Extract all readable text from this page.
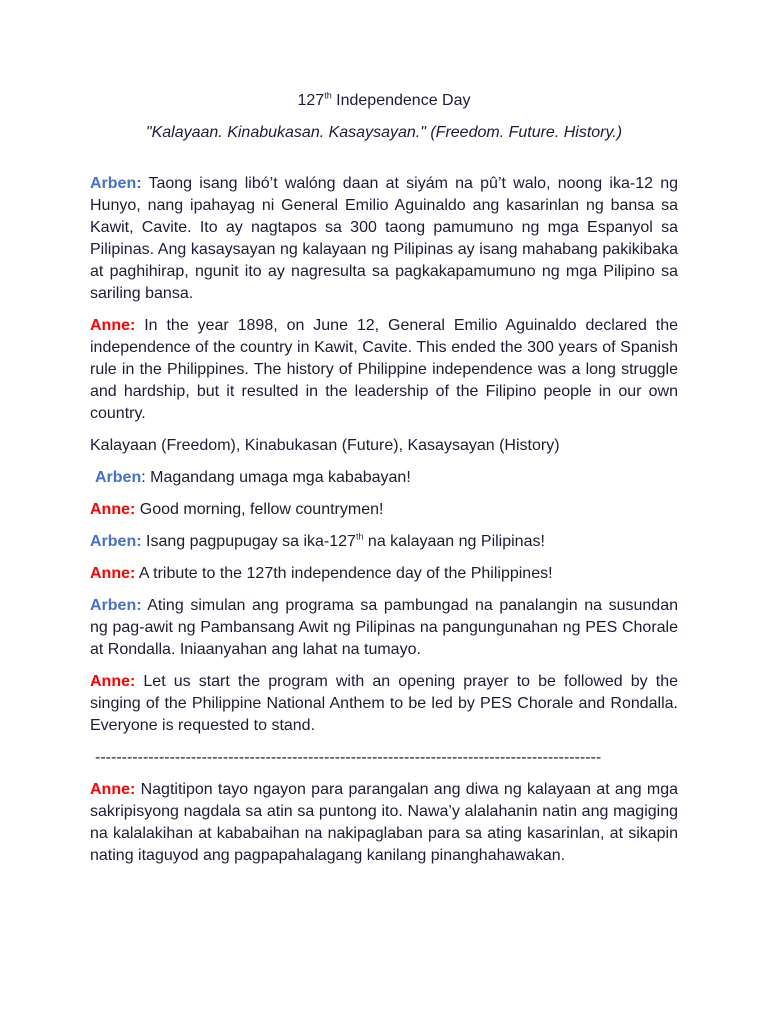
127th Independence Day

"Kalayaan. Kinabukasan. Kasaysayan." (Freedom. Future. History.)

Arben: Taong isang libó’t walóng daan at siyám na pû’t walo, noong ika-12 ng Hunyo, nang ipahayag ni General Emilio Aguinaldo ang kasarinlan ng bansa sa Kawit, Cavite. Ito ay nagtapos sa 300 taong pamumuno ng mga Espanyol sa Pilipinas. Ang kasaysayan ng kalayaan ng Pilipinas ay isang mahabang pakikibaka at paghihirap, ngunit ito ay nagresulta sa pagkakapamumuno ng mga Pilipino sa sariling bansa.

Anne: In the year 1898, on June 12, General Emilio Aguinaldo declared the independence of the country in Kawit, Cavite. This ended the 300 years of Spanish rule in the Philippines. The history of Philippine independence was a long struggle and hardship, but it resulted in the leadership of the Filipino people in our own country.

Kalayaan (Freedom), Kinabukasan (Future), Kasaysayan (History)

Arben: Magandang umaga mga kababayan!

Anne: Good morning, fellow countrymen!

Arben: Isang pagpupugay sa ika-127th na kalayaan ng Pilipinas!

Anne: A tribute to the 127th independence day of the Philippines!

Arben: Ating simulan ang programa sa pambungad na panalangin na susundan ng pag-awit ng Pambansang Awit ng Pilipinas na pangungunahan ng PES Chorale at Rondalla. Iniaanyahan ang lahat na tumayo.

Anne: Let us start the program with an opening prayer to be followed by the singing of the Philippine National Anthem to be led by PES Chorale and Rondalla. Everyone is requested to stand.

-----------------------------------------------------------------------------------------------

Anne: Nagtitipon tayo ngayon para parangalan ang diwa ng kalayaan at ang mga sakripisyong nagdala sa atin sa puntong ito. Nawa’y alalahanin natin ang magiging na kalalakihan at kababaihan na nakipaglaban para sa ating kasarinlan, at sikapin nating itaguyod ang pagpapahalagang kanilang pinanghahawakan.
